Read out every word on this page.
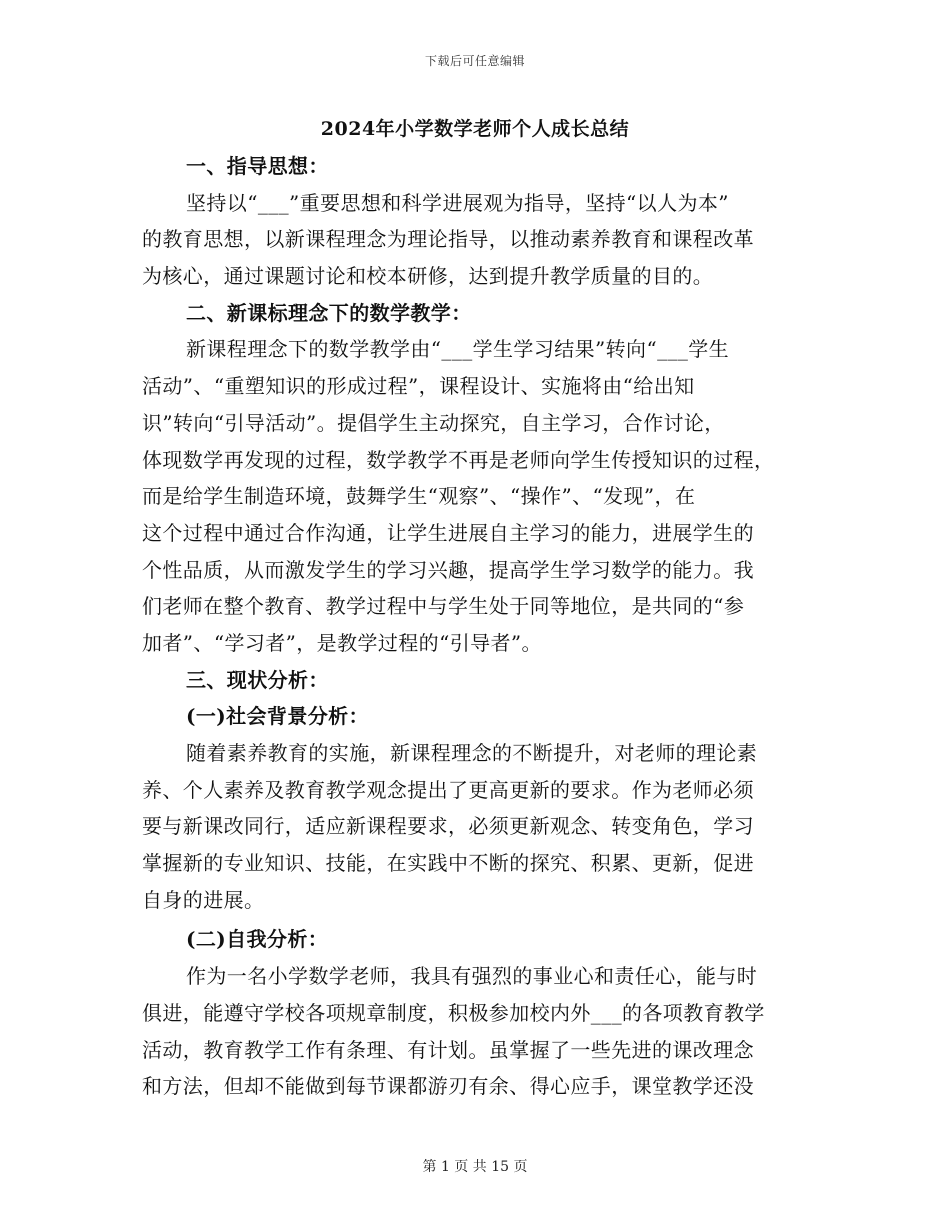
下载后可任意编辑
2024年小学数学老师个人成长总结
一、指导思想：
坚持以“___”重要思想和科学进展观为指导，坚持“以人为本”
的教育思想，以新课程理念为理论指导，以推动素养教育和课程改革
为核心，通过课题讨论和校本研修，达到提升教学质量的目的。
二、新课标理念下的数学教学：
新课程理念下的数学教学由“___学生学习结果”转向“___学生
活动”、“重塑知识的形成过程”，课程设计、实施将由“给出知
识”转向“引导活动”。提倡学生主动探究，自主学习，合作讨论，
体现数学再发现的过程，数学教学不再是老师向学生传授知识的过程，
而是给学生制造环境，鼓舞学生“观察”、“操作”、“发现”，在
这个过程中通过合作沟通，让学生进展自主学习的能力，进展学生的
个性品质，从而激发学生的学习兴趣，提高学生学习数学的能力。我
们老师在整个教育、教学过程中与学生处于同等地位，是共同的“参
加者”、“学习者”，是教学过程的“引导者”。
三、现状分析：
(一)社会背景分析：
随着素养教育的实施，新课程理念的不断提升，对老师的理论素
养、个人素养及教育教学观念提出了更高更新的要求。作为老师必须
要与新课改同行，适应新课程要求，必须更新观念、转变角色，学习
掌握新的专业知识、技能，在实践中不断的探究、积累、更新，促进
自身的进展。
(二)自我分析：
作为一名小学数学老师，我具有强烈的事业心和责任心，能与时
俱进，能遵守学校各项规章制度，积极参加校内外___的各项教育教学
活动，教育教学工作有条理、有计划。虽掌握了一些先进的课改理念
和方法，但却不能做到每节课都游刃有余、得心应手，课堂教学还没
第 1 页 共 15 页
